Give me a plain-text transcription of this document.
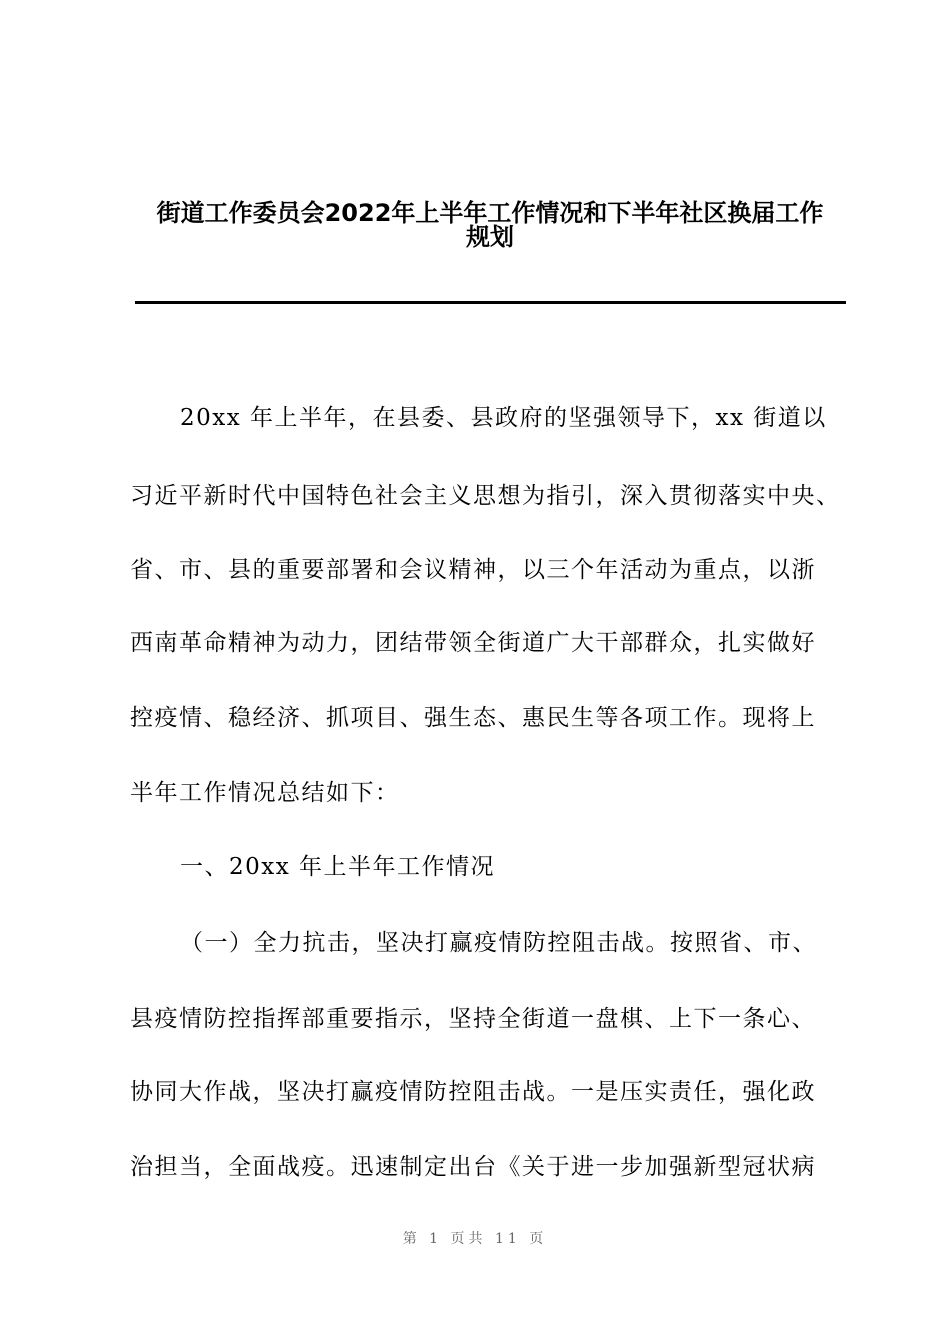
街道工作委员会2022年上半年工作情况和下半年社区换届工作
规划
20xx 年上半年，在县委、县政府的坚强领导下，xx 街道以
习近平新时代中国特色社会主义思想为指引，深入贯彻落实中央、
省、市、县的重要部署和会议精神，以三个年活动为重点，以浙
西南革命精神为动力，团结带领全街道广大干部群众，扎实做好
控疫情、稳经济、抓项目、强生态、惠民生等各项工作。现将上
半年工作情况总结如下：
一、20xx 年上半年工作情况
（一）全力抗击，坚决打赢疫情防控阻击战。按照省、市、
县疫情防控指挥部重要指示，坚持全街道一盘棋、上下一条心、
协同大作战，坚决打赢疫情防控阻击战。一是压实责任，强化政
治担当，全面战疫。迅速制定出台《关于进一步加强新型冠状病
第 1 页共 11 页
